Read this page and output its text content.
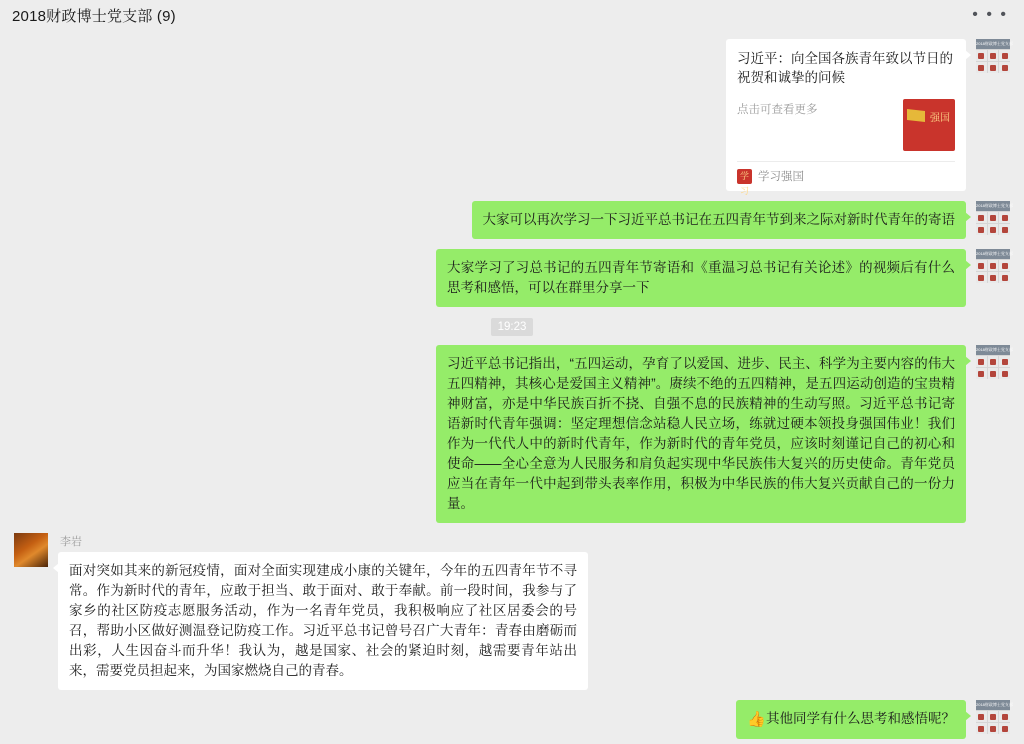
2018财政博士党支部 (9)	• • •
习近平：向全国各族青年致以节日的祝贺和诚挚的问候
点击可查看更多
强国
学习
学习强国
2018财政博士党支部
大家可以再次学习一下习近平总书记在五四青年节到来之际对新时代青年的寄语
2018财政博士党支部
大家学习了习总书记的五四青年节寄语和《重温习总书记有关论述》的视频后有什么思考和感悟，可以在群里分享一下
2018财政博士党支部
19:23
习近平总书记指出，“五四运动，孕育了以爱国、进步、民主、科学为主要内容的伟大五四精神，其核心是爱国主义精神”。赓续不绝的五四精神，是五四运动创造的宝贵精神财富，亦是中华民族百折不挠、自强不息的民族精神的生动写照。习近平总书记寄语新时代青年强调：坚定理想信念站稳人民立场，练就过硬本领投身强国伟业！我们作为一代代人中的新时代青年，作为新时代的青年党员，应该时刻谨记自己的初心和使命——全心全意为人民服务和肩负起实现中华民族伟大复兴的历史使命。青年党员应当在青年一代中起到带头表率作用，积极为中华民族的伟大复兴贡献自己的一份力量。
2018财政博士党支部
李岩
面对突如其来的新冠疫情，面对全面实现建成小康的关键年，今年的五四青年节不寻常。作为新时代的青年，应敢于担当、敢于面对、敢于奉献。前一段时间，我参与了家乡的社区防疫志愿服务活动，作为一名青年党员，我积极响应了社区居委会的号召，帮助小区做好测温登记防疫工作。习近平总书记曾号召广大青年：青春由磨砺而出彩，人生因奋斗而升华！我认为，越是国家、社会的紧迫时刻，越需要青年站出来，需要党员担起来，为国家燃烧自己的青春。
👍其他同学有什么思考和感悟呢？
2018财政博士党支部
